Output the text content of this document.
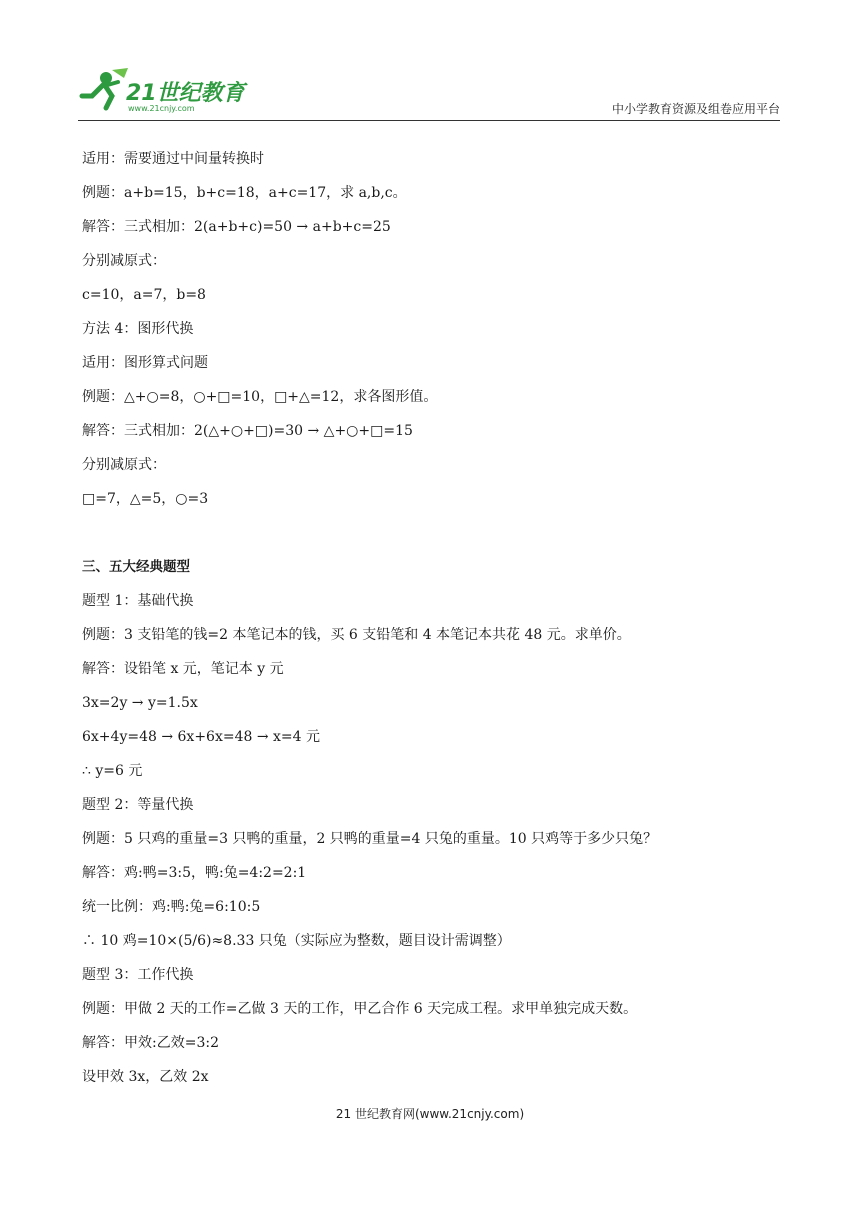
21世纪教育
www.21cnjy.com	中小学教育资源及组卷应用平台
适用：需要通过中间量转换时
例题：a+b=15，b+c=18，a+c=17，求 a,b,c。
解答：三式相加：2(a+b+c)=50 → a+b+c=25
分别减原式：
c=10，a=7，b=8
方法 4：图形代换
适用：图形算式问题
例题：△+○=8，○+□=10，□+△=12，求各图形值。
解答：三式相加：2(△+○+□)=30 → △+○+□=15
分别减原式：
□=7，△=5，○=3
三、五大经典题型
题型 1：基础代换
例题：3 支铅笔的钱=2 本笔记本的钱，买 6 支铅笔和 4 本笔记本共花 48 元。求单价。
解答：设铅笔 x 元，笔记本 y 元
3x=2y → y=1.5x
6x+4y=48 → 6x+6x=48 → x=4 元
∴ y=6 元
题型 2：等量代换
例题：5 只鸡的重量=3 只鸭的重量，2 只鸭的重量=4 只兔的重量。10 只鸡等于多少只兔？
解答：鸡:鸭=3:5，鸭:兔=4:2=2:1
统一比例：鸡:鸭:兔=6:10:5
∴ 10 鸡=10×(5/6)≈8.33 只兔（实际应为整数，题目设计需调整）
题型 3：工作代换
例题：甲做 2 天的工作=乙做 3 天的工作，甲乙合作 6 天完成工程。求甲单独完成天数。
解答：甲效:乙效=3:2
设甲效 3x，乙效 2x
21 世纪教育网(www.21cnjy.com)
